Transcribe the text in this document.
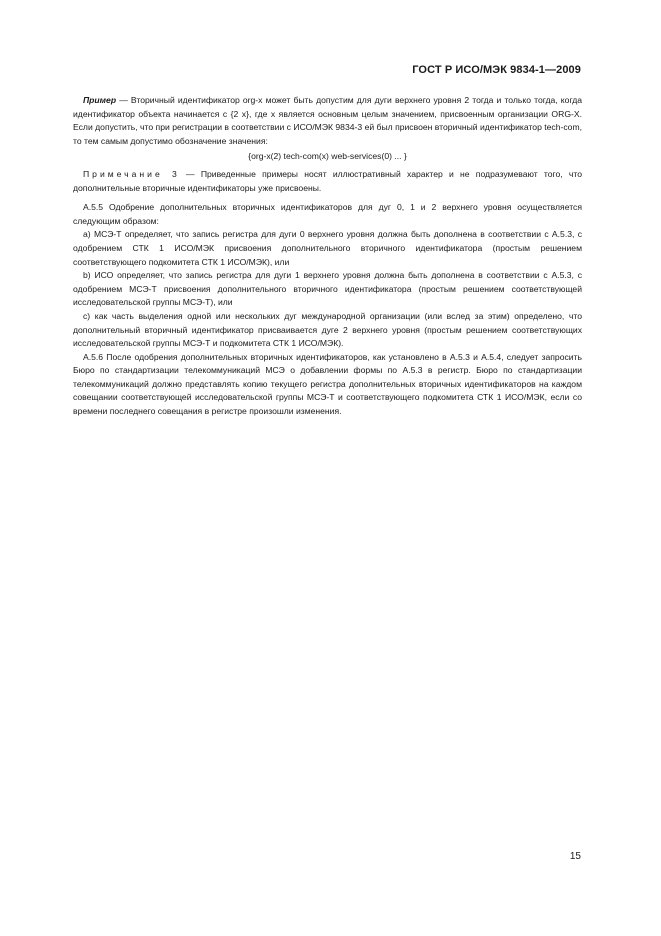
ГОСТ Р ИСО/МЭК 9834-1—2009

Пример — Вторичный идентификатор org-x может быть допустим для дуги верхнего уровня 2 тогда и только тогда, когда идентификатор объекта начинается с {2 x}, где x является основным целым значением, присвоенным организации ORG-X. Если допустить, что при регистрации в соответствии с ИСО/МЭК 9834-3 ей был присвоен вторичный идентификатор tech-com, то тем самым допустимо обозначение значения:

{org-x(2) tech-com(x) web-services(0) ... }

Примечание 3 — Приведенные примеры носят иллюстративный характер и не подразумевают того, что дополнительные вторичные идентификаторы уже присвоены.

А.5.5 Одобрение дополнительных вторичных идентификаторов для дуг 0, 1 и 2 верхнего уровня осуществляется следующим образом:

а) МСЭ-Т определяет, что запись регистра для дуги 0 верхнего уровня должна быть дополнена в соответствии с А.5.3, с одобрением СТК 1 ИСО/МЭК присвоения дополнительного вторичного идентификатора (простым решением соответствующего подкомитета СТК 1 ИСО/МЭК), или

b) ИСО определяет, что запись регистра для дуги 1 верхнего уровня должна быть дополнена в соответствии с А.5.3, с одобрением МСЭ-Т присвоения дополнительного вторичного идентификатора (простым решением соответствующей исследовательской группы МСЭ-Т), или

с) как часть выделения одной или нескольких дуг международной организации (или вслед за этим) определено, что дополнительный вторичный идентификатор присваивается дуге 2 верхнего уровня (простым решением соответствующих исследовательской группы МСЭ-Т и подкомитета СТК 1 ИСО/МЭК).

А.5.6 После одобрения дополнительных вторичных идентификаторов, как установлено в А.5.3 и А.5.4, следует запросить Бюро по стандартизации телекоммуникаций МСЭ о добавлении формы по А.5.3 в регистр. Бюро по стандартизации телекоммуникаций должно представлять копию текущего регистра дополнительных вторичных идентификаторов на каждом совещании соответствующей исследовательской группы МСЭ-Т и соответствующего подкомитета СТК 1 ИСО/МЭК, если со времени последнего совещания в регистре произошли изменения.

15
